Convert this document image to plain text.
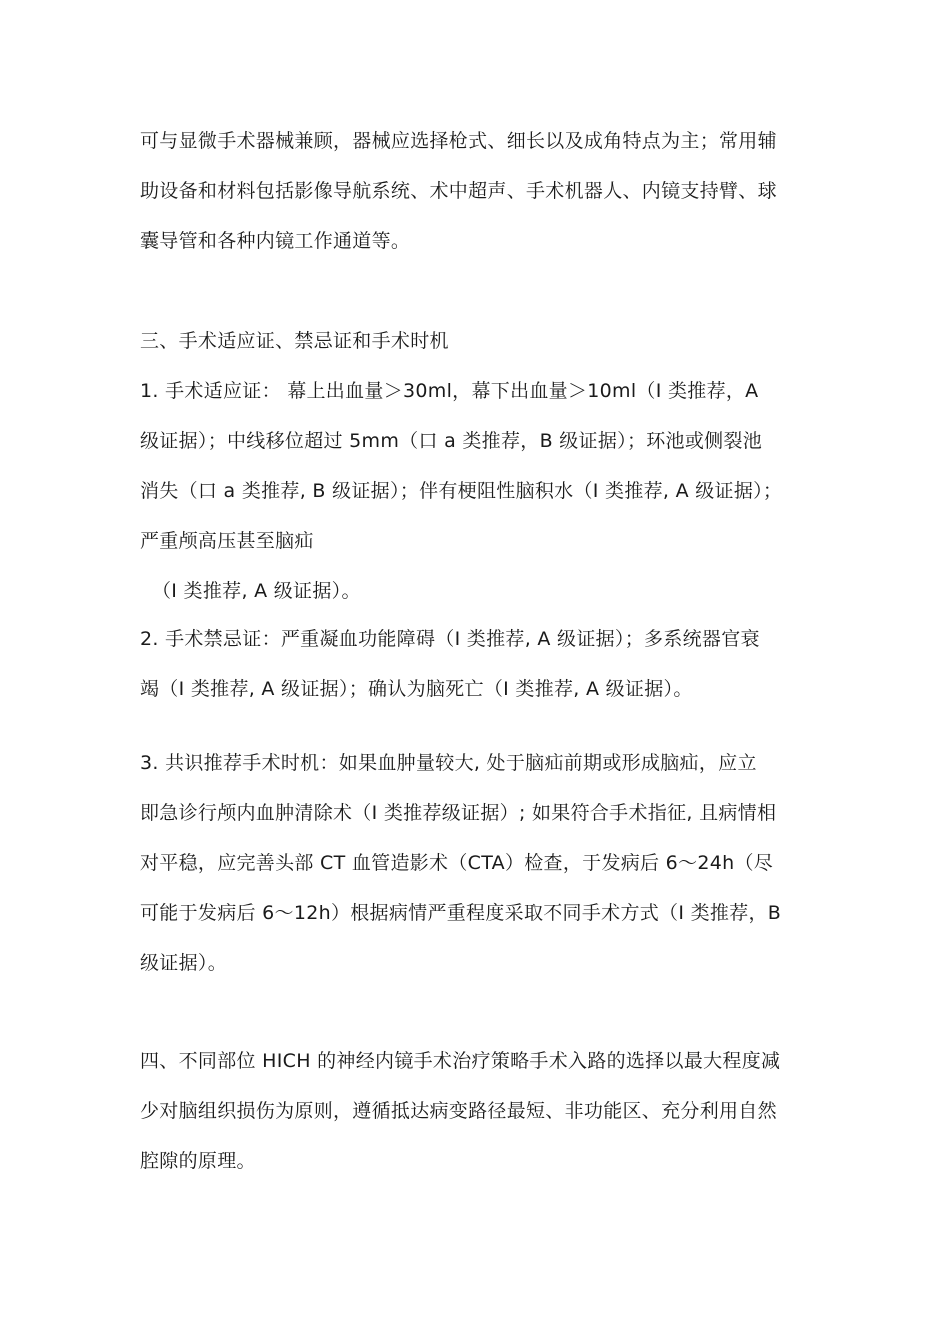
可与显微手术器械兼顾，器械应选择枪式、细长以及成角特点为主；常用辅
助设备和材料包括影像导航系统、术中超声、手术机器人、内镜支持臂、球
囊导管和各种内镜工作通道等。

三、手术适应证、禁忌证和手术时机

1. 手术适应证： 幕上出血量＞30ml，幕下出血量＞10ml（I 类推荐，A
级证据）；中线移位超过 5mm（口 a 类推荐，B 级证据）；环池或侧裂池
消失（口 a 类推荐, B 级证据）；伴有梗阻性脑积水（I 类推荐, A 级证据）；
严重颅高压甚至脑疝

（I 类推荐, A 级证据）。

2. 手术禁忌证：严重凝血功能障碍（I 类推荐, A 级证据）；多系统器官衰
竭（I 类推荐, A 级证据）；确认为脑死亡（I 类推荐, A 级证据）。

3. 共识推荐手术时机：如果血肿量较大, 处于脑疝前期或形成脑疝，应立
即急诊行颅内血肿清除术（I 类推荐级证据）; 如果符合手术指征, 且病情相
对平稳，应完善头部 CT 血管造影术（CTA）检查，于发病后 6～24h（尽
可能于发病后 6～12h）根据病情严重程度采取不同手术方式（I 类推荐，B
级证据）。

四、不同部位 HICH 的神经内镜手术治疗策略手术入路的选择以最大程度减
少对脑组织损伤为原则，遵循抵达病变路径最短、非功能区、充分利用自然
腔隙的原理。
